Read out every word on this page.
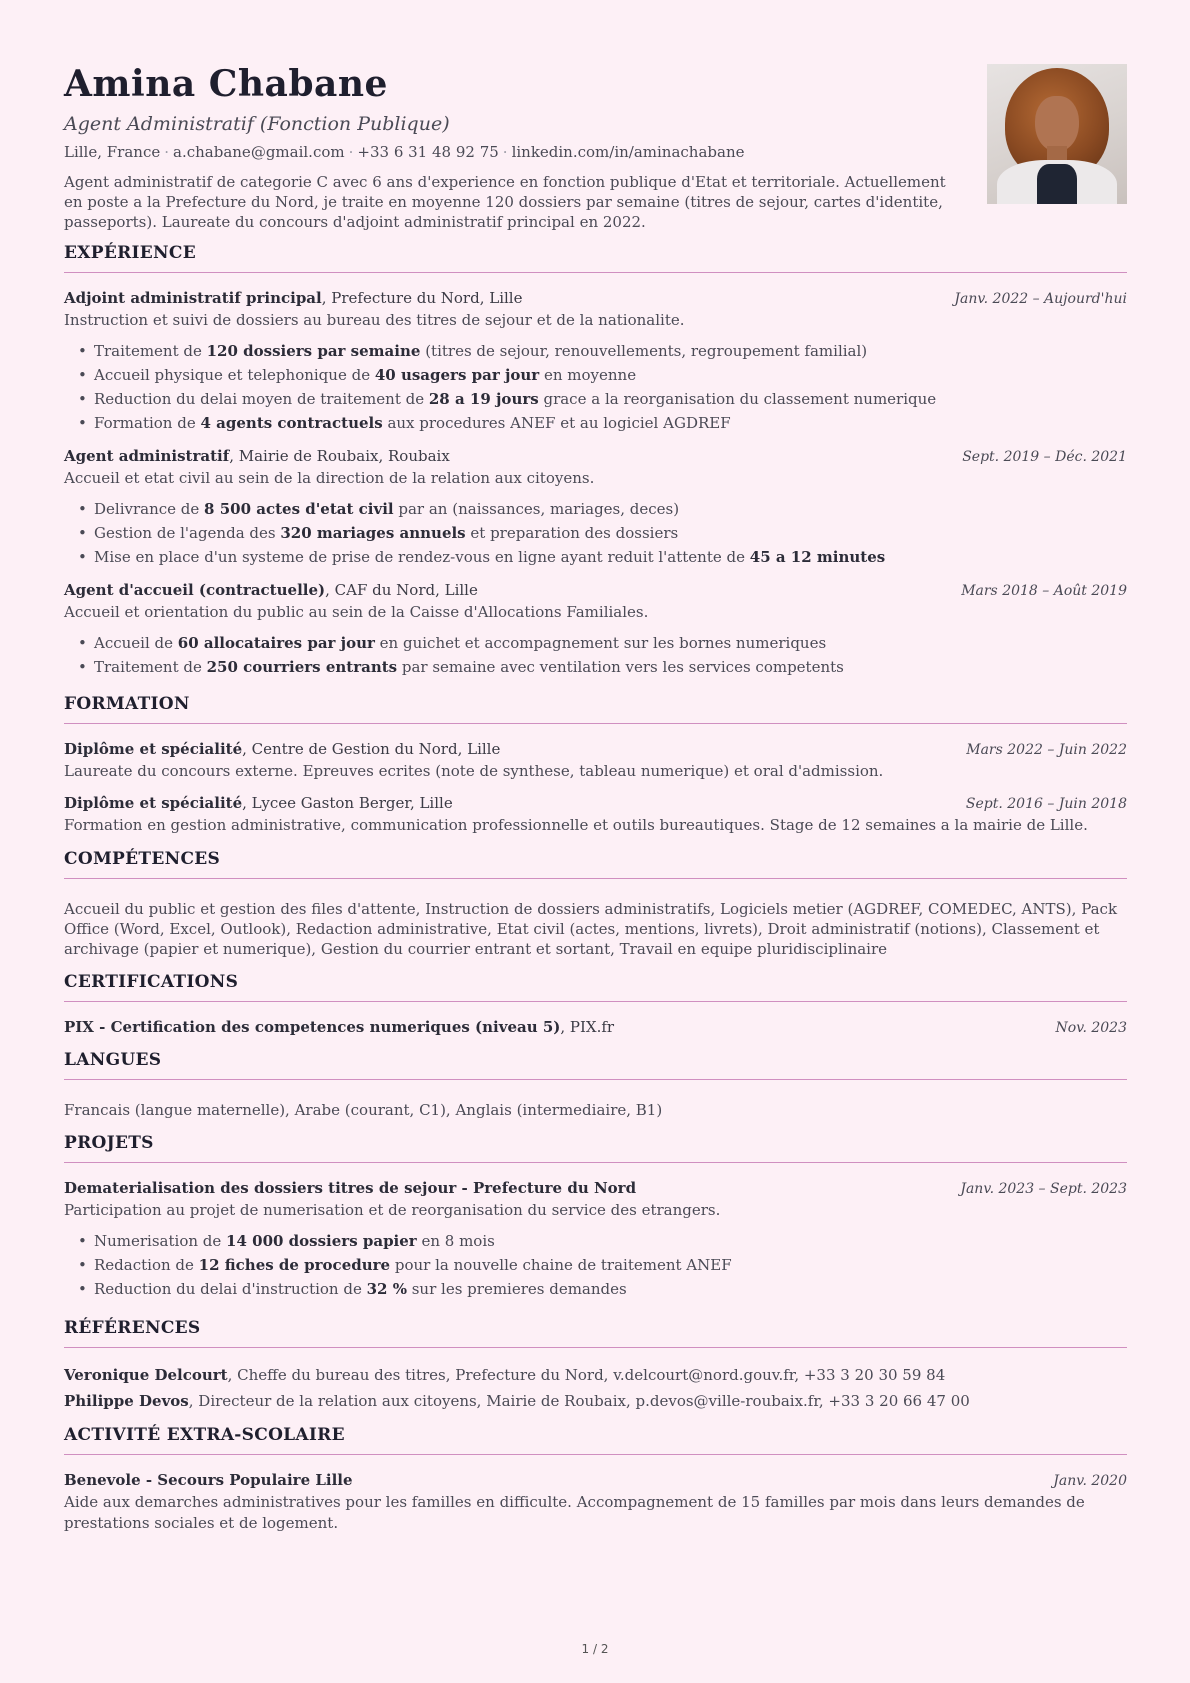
Amina Chabane
Agent Administratif (Fonction Publique)
Lille, France · a.chabane@gmail.com · +33 6 31 48 92 75 · linkedin.com/in/aminachabane
Agent administratif de categorie C avec 6 ans d'experience en fonction publique d'Etat et territoriale. Actuellement en poste a la Prefecture du Nord, je traite en moyenne 120 dossiers par semaine (titres de sejour, cartes d'identite, passeports). Laureate du concours d'adjoint administratif principal en 2022.
EXPÉRIENCE
Adjoint administratif principal, Prefecture du Nord, Lille	Janv. 2022 – Aujourd'hui
Instruction et suivi de dossiers au bureau des titres de sejour et de la nationalite.
• Traitement de 120 dossiers par semaine (titres de sejour, renouvellements, regroupement familial)
• Accueil physique et telephonique de 40 usagers par jour en moyenne
• Reduction du delai moyen de traitement de 28 a 19 jours grace a la reorganisation du classement numerique
• Formation de 4 agents contractuels aux procedures ANEF et au logiciel AGDREF
Agent administratif, Mairie de Roubaix, Roubaix	Sept. 2019 – Déc. 2021
Accueil et etat civil au sein de la direction de la relation aux citoyens.
• Delivrance de 8 500 actes d'etat civil par an (naissances, mariages, deces)
• Gestion de l'agenda des 320 mariages annuels et preparation des dossiers
• Mise en place d'un systeme de prise de rendez-vous en ligne ayant reduit l'attente de 45 a 12 minutes
Agent d'accueil (contractuelle), CAF du Nord, Lille	Mars 2018 – Août 2019
Accueil et orientation du public au sein de la Caisse d'Allocations Familiales.
• Accueil de 60 allocataires par jour en guichet et accompagnement sur les bornes numeriques
• Traitement de 250 courriers entrants par semaine avec ventilation vers les services competents
FORMATION
Diplôme et spécialité, Centre de Gestion du Nord, Lille	Mars 2022 – Juin 2022
Laureate du concours externe. Epreuves ecrites (note de synthese, tableau numerique) et oral d'admission.
Diplôme et spécialité, Lycee Gaston Berger, Lille	Sept. 2016 – Juin 2018
Formation en gestion administrative, communication professionnelle et outils bureautiques. Stage de 12 semaines a la mairie de Lille.
COMPÉTENCES
Accueil du public et gestion des files d'attente, Instruction de dossiers administratifs, Logiciels metier (AGDREF, COMEDEC, ANTS), Pack Office (Word, Excel, Outlook), Redaction administrative, Etat civil (actes, mentions, livrets), Droit administratif (notions), Classement et archivage (papier et numerique), Gestion du courrier entrant et sortant, Travail en equipe pluridisciplinaire
CERTIFICATIONS
PIX - Certification des competences numeriques (niveau 5), PIX.fr	Nov. 2023
LANGUES
Francais (langue maternelle), Arabe (courant, C1), Anglais (intermediaire, B1)
PROJETS
Dematerialisation des dossiers titres de sejour - Prefecture du Nord	Janv. 2023 – Sept. 2023
Participation au projet de numerisation et de reorganisation du service des etrangers.
• Numerisation de 14 000 dossiers papier en 8 mois
• Redaction de 12 fiches de procedure pour la nouvelle chaine de traitement ANEF
• Reduction du delai d'instruction de 32 % sur les premieres demandes
RÉFÉRENCES
Veronique Delcourt, Cheffe du bureau des titres, Prefecture du Nord, v.delcourt@nord.gouv.fr, +33 3 20 30 59 84
Philippe Devos, Directeur de la relation aux citoyens, Mairie de Roubaix, p.devos@ville-roubaix.fr, +33 3 20 66 47 00
ACTIVITÉ EXTRA-SCOLAIRE
Benevole - Secours Populaire Lille	Janv. 2020
Aide aux demarches administratives pour les familles en difficulte. Accompagnement de 15 familles par mois dans leurs demandes de prestations sociales et de logement.
1 / 2
